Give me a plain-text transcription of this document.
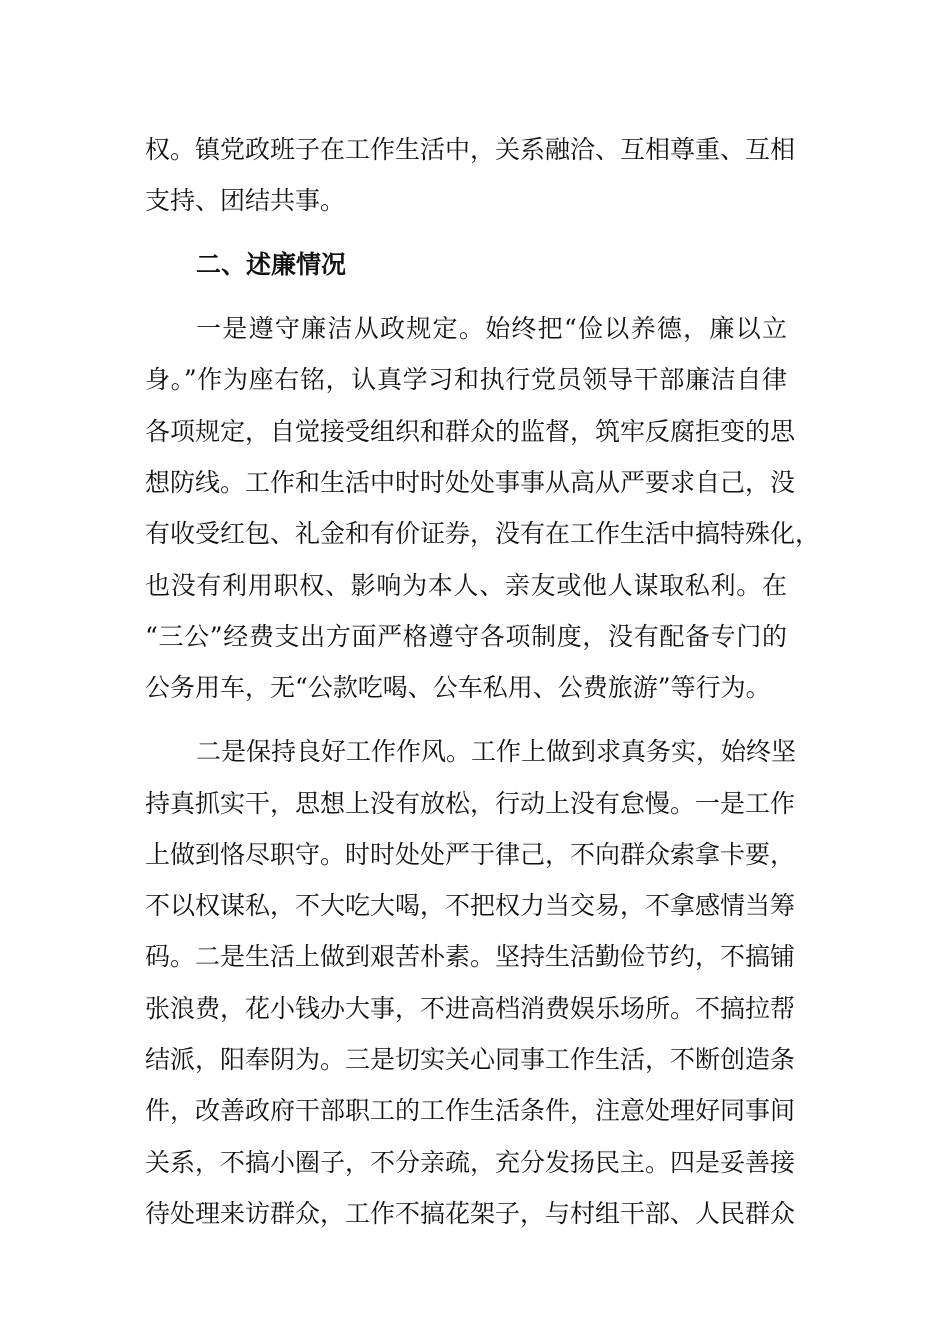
权。镇党政班子在工作生活中，关系融洽、互相尊重、互相
支持、团结共事。
二、述廉情况
一是遵守廉洁从政规定。始终把“俭以养德，廉以立
身。”作为座右铭，认真学习和执行党员领导干部廉洁自律
各项规定，自觉接受组织和群众的监督，筑牢反腐拒变的思
想防线。工作和生活中时时处处事事从高从严要求自己，没
有收受红包、礼金和有价证券，没有在工作生活中搞特殊化，
也没有利用职权、影响为本人、亲友或他人谋取私利。在
“三公”经费支出方面严格遵守各项制度，没有配备专门的
公务用车，无“公款吃喝、公车私用、公费旅游”等行为。
二是保持良好工作作风。工作上做到求真务实，始终坚
持真抓实干，思想上没有放松，行动上没有怠慢。一是工作
上做到恪尽职守。时时处处严于律己，不向群众索拿卡要，
不以权谋私，不大吃大喝，不把权力当交易，不拿感情当筹
码。二是生活上做到艰苦朴素。坚持生活勤俭节约，不搞铺
张浪费，花小钱办大事，不进高档消费娱乐场所。不搞拉帮
结派，阳奉阴为。三是切实关心同事工作生活，不断创造条
件，改善政府干部职工的工作生活条件，注意处理好同事间
关系，不搞小圈子，不分亲疏，充分发扬民主。四是妥善接
待处理来访群众，工作不搞花架子，与村组干部、人民群众
